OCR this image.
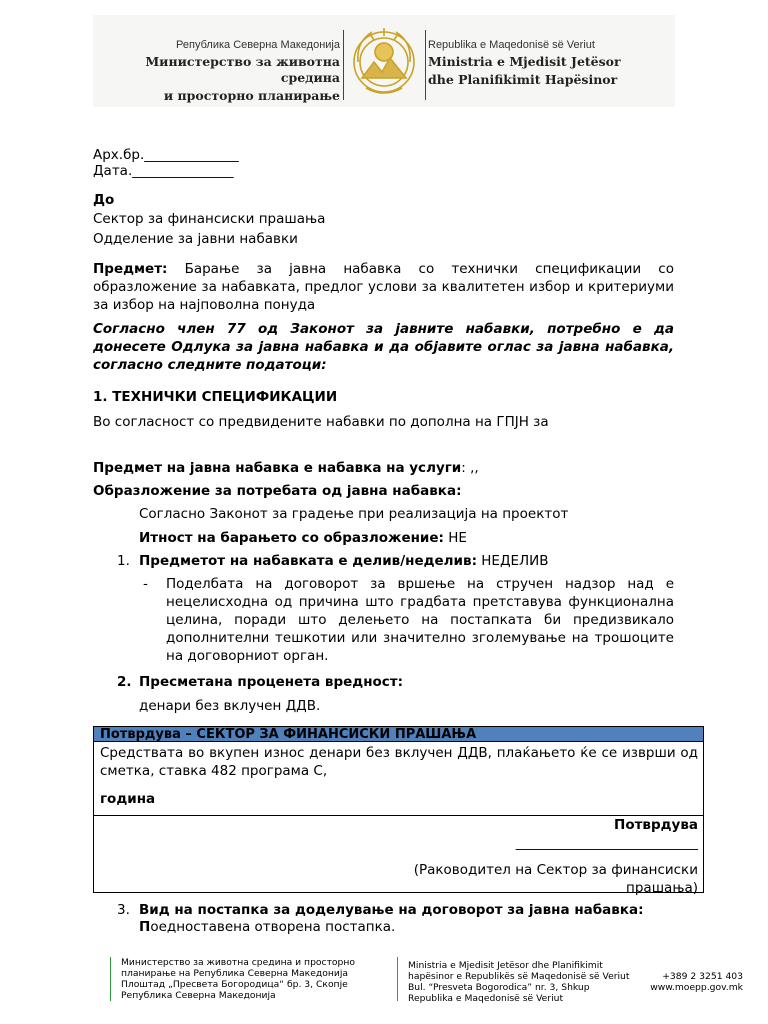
Република Северна Македонија
Министерство за животна средина
и просторно планирање
Republika e Maqedonisë së Veriut
Ministria e Mjedisit Jetësor
dhe Planifikimit Hapësinor
Арх.бр.______________
Дата._______________
До
Сектор за финансиски прашања
Одделение за јавни набавки
Предмет: Барање за јавна набавка со технички спецификации со образложение за набавката, предлог услови за квалитетен избор и критериуми за избор на најповолна понуда
Согласно член 77 од Законот за јавните набавки, потребно е да донесете Одлука за јавна набавка и да објавите оглас за јавна набавка, согласно следните податоци:
1. ТЕХНИЧКИ СПЕЦИФИКАЦИИ
Во согласност со предвидените набавки по дополна на ГПЈН за
Предмет на јавна набавка е набавка на услуги: ,,
Образложение за потребата од јавна набавка:
Согласно Законот за градење при реализација на проектот
Итност на барањето со образложение: НЕ
1. Предметот на набавката е делив/неделив: НЕДЕЛИВ
- Поделбата на договорот за вршење на стручен надзор над е нецелисходна од причина што градбата претставува функционална целина, поради што делењето на постапката би предизвикало дополнителни тешкотии или значително зголемување на трошоците на договорниот орган.
2. Пресметана проценета вредност:
денари без вклучен ДДВ.
Потврдува – СЕКТОР ЗА ФИНАНСИСКИ ПРАШАЊА
Средствата во вкупен износ денари без вклучен ДДВ, плаќањето ќе се изврши од сметка, ставка 482 програма С,
година
Потврдува
___________________________
(Раководител на Сектор за финансиски прашања)
3. Вид на постапка за доделување на договорот за јавна набавка:
Поедноставена отворена постапка.
Министерство за животна средина и просторно
планирање на Република Северна Македонија
Плоштад „Пресвета Богородица“ бр. 3, Скопје
Република Северна Македонија
Ministria e Mjedisit Jetësor dhe Planifikimit
hapësinor e Republikës së Maqedonisë së Veriut
Bul. “Presveta Bogorodica” nr. 3, Shkup
Republika e Maqedonisë së Veriut
+389 2 3251 403
www.moepp.gov.mk
